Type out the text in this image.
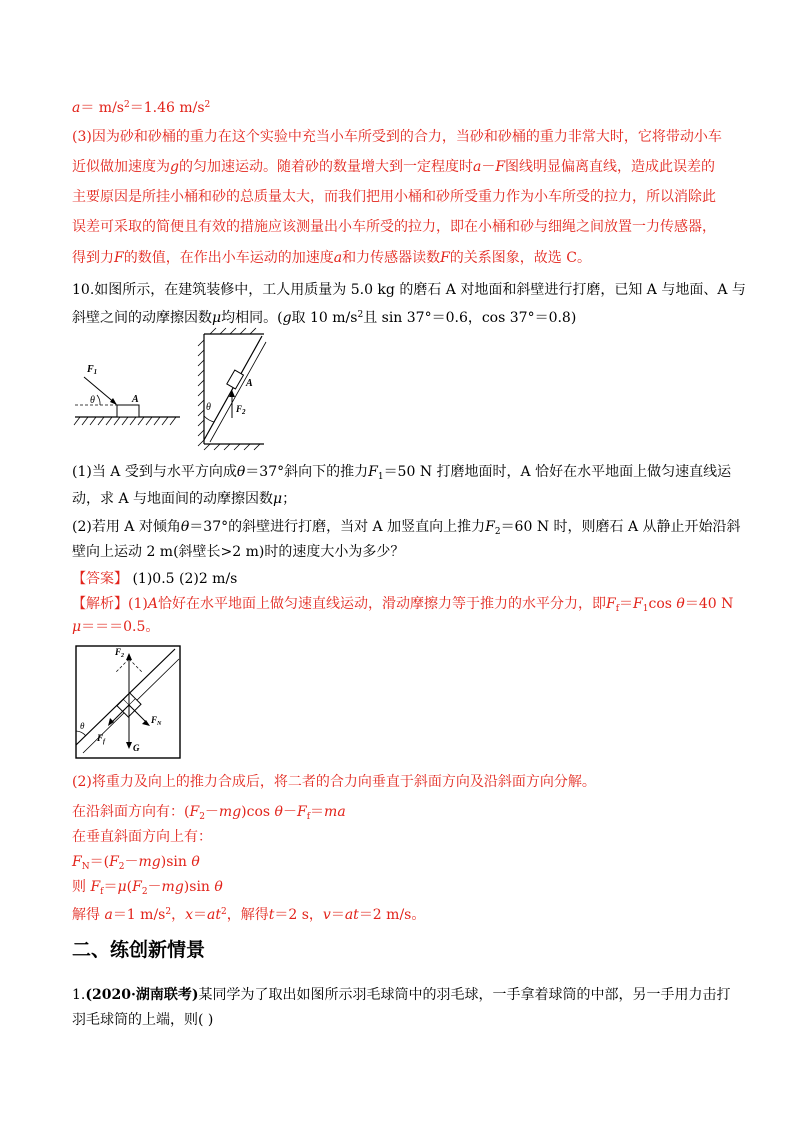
$a= m/s^2=1.46$ $m/s^2$
(3)因为砂和砂桶的重力在这个实验中充当小车所受到的合力，当砂和砂桶的重力非常大时，它将带动小车
近似做加速度为g的匀加速运动。随着砂的数量增大到一定程度时a－F图线明显偏离直线，造成此误差的
主要原因是所挂小桶和砂的总质量太大，而我们把用小桶和砂所受重力作为小车所受的拉力，所以消除此
误差可采取的简便且有效的措施应该测量出小车所受的拉力，即在小桶和砂与细绳之间放置一力传感器，
得到力F的数值，在作出小车运动的加速度a和力传感器读数F的关系图象，故选 C。
10.如图所示，在建筑装修中，工人用质量为 5.0 kg 的磨石 A 对地面和斜壁进行打磨，已知 A 与地面、A 与
斜壁之间的动摩擦因数μ均相同。(g取 10 $m/s^2$且 sin 37°＝0.6，cos 37°＝0.8)
$F_1$
θ	A
A
θ	$F_2$
(1)当 A 受到与水平方向成θ＝37°斜向下的推力$F_1=50$ N 打磨地面时，A 恰好在水平地面上做匀速直线运
动，求 A 与地面间的动摩擦因数μ；
(2)若用 A 对倾角θ＝37°的斜壁进行打磨，当对 A 加竖直向上推力$F_2=60$ N 时，则磨石 A 从静止开始沿斜
壁向上运动 2 m(斜壁长>2 m)时的速度大小为多少？
【答案】 (1)0.5 (2)2 m/s
【解析】(1)A恰好在水平地面上做匀速直线运动，滑动摩擦力等于推力的水平分力，即$F_f=F_1\cos$ θ＝40 N
μ＝＝＝0.5。
$F_2$
$F_N$
$F_f$
G
θ
(2)将重力及向上的推力合成后，将二者的合力向垂直于斜面方向及沿斜面方向分解。
在沿斜面方向有：$(F_2-mg)\cos$ $\theta-F_f=ma$
在垂直斜面方向上有：
$F_N=(F_2-mg)\sin$ θ
则 $F_f=\mu(F_2-mg)\sin$ θ
解得 a＝1 $m/s^2$，$x=at^2$，解得t＝2 s，v＝at＝2 m/s。
二、练创新情景
1.(2020·湖南联考)某同学为了取出如图所示羽毛球筒中的羽毛球，一手拿着球筒的中部，另一手用力击打
羽毛球筒的上端，则( )
